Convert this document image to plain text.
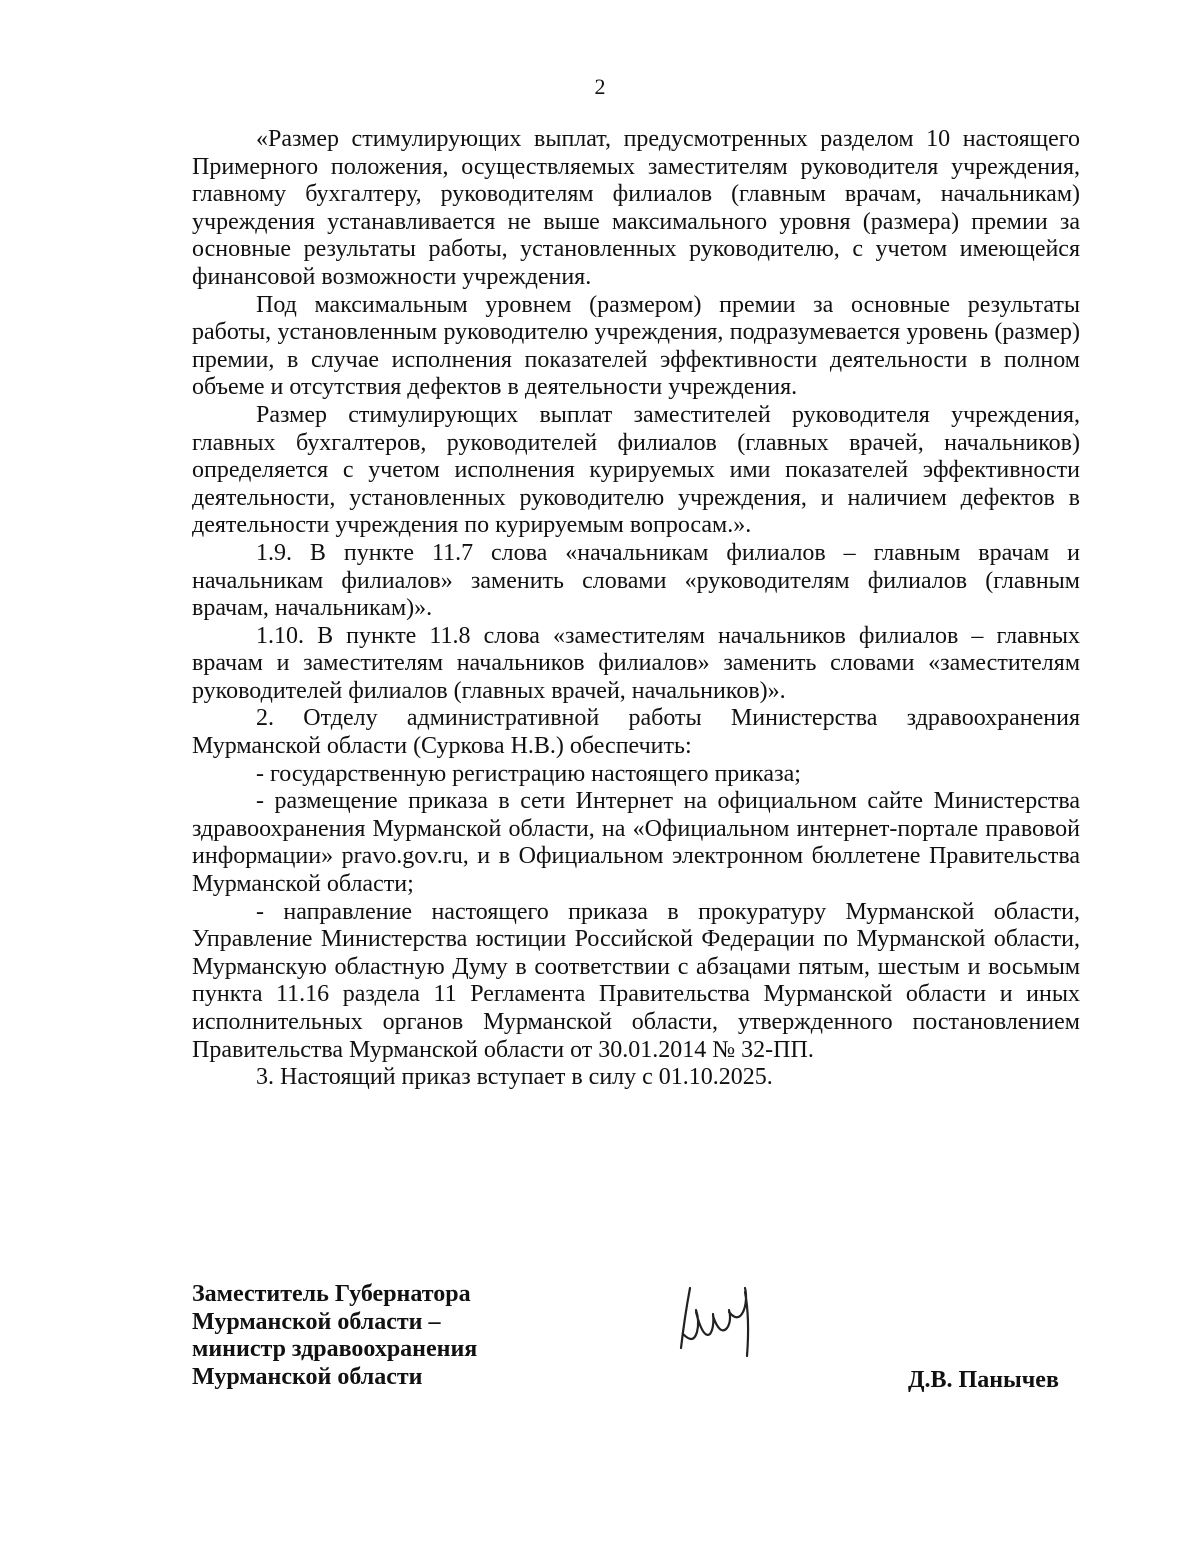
2

«Размер стимулирующих выплат, предусмотренных разделом 10 настоящего Примерного положения, осуществляемых заместителям руководителя учреждения, главному бухгалтеру, руководителям филиалов (главным врачам, начальникам) учреждения устанавливается не выше максимального уровня (размера) премии за основные результаты работы, установленных руководителю, с учетом имеющейся финансовой возможности учреждения.

Под максимальным уровнем (размером) премии за основные результаты работы, установленным руководителю учреждения, подразумевается уровень (размер) премии, в случае исполнения показателей эффективности деятельности в полном объеме и отсутствия дефектов в деятельности учреждения.

Размер стимулирующих выплат заместителей руководителя учреждения, главных бухгалтеров, руководителей филиалов (главных врачей, начальников) определяется с учетом исполнения курируемых ими показателей эффективности деятельности, установленных руководителю учреждения, и наличием дефектов в деятельности учреждения по курируемым вопросам.».

1.9. В пункте 11.7 слова «начальникам филиалов – главным врачам и начальникам филиалов» заменить словами «руководителям филиалов (главным врачам, начальникам)».

1.10. В пункте 11.8 слова «заместителям начальников филиалов – главных врачам и заместителям начальников филиалов» заменить словами «заместителям руководителей филиалов (главных врачей, начальников)».

2. Отделу административной работы Министерства здравоохранения Мурманской области (Суркова Н.В.) обеспечить:

- государственную регистрацию настоящего приказа;

- размещение приказа в сети Интернет на официальном сайте Министерства здравоохранения Мурманской области, на «Официальном интернет-портале правовой информации» pravo.gov.ru, и в Официальном электронном бюллетене Правительства Мурманской области;

- направление настоящего приказа в прокуратуру Мурманской области, Управление Министерства юстиции Российской Федерации по Мурманской области, Мурманскую областную Думу в соответствии с абзацами пятым, шестым и восьмым пункта 11.16 раздела 11 Регламента Правительства Мурманской области и иных исполнительных органов Мурманской области, утвержденного постановлением Правительства Мурманской области от 30.01.2014 № 32-ПП.

3. Настоящий приказ вступает в силу с 01.10.2025.

Заместитель Губернатора
Мурманской области –
министр здравоохранения
Мурманской области	Д.В. Панычев
